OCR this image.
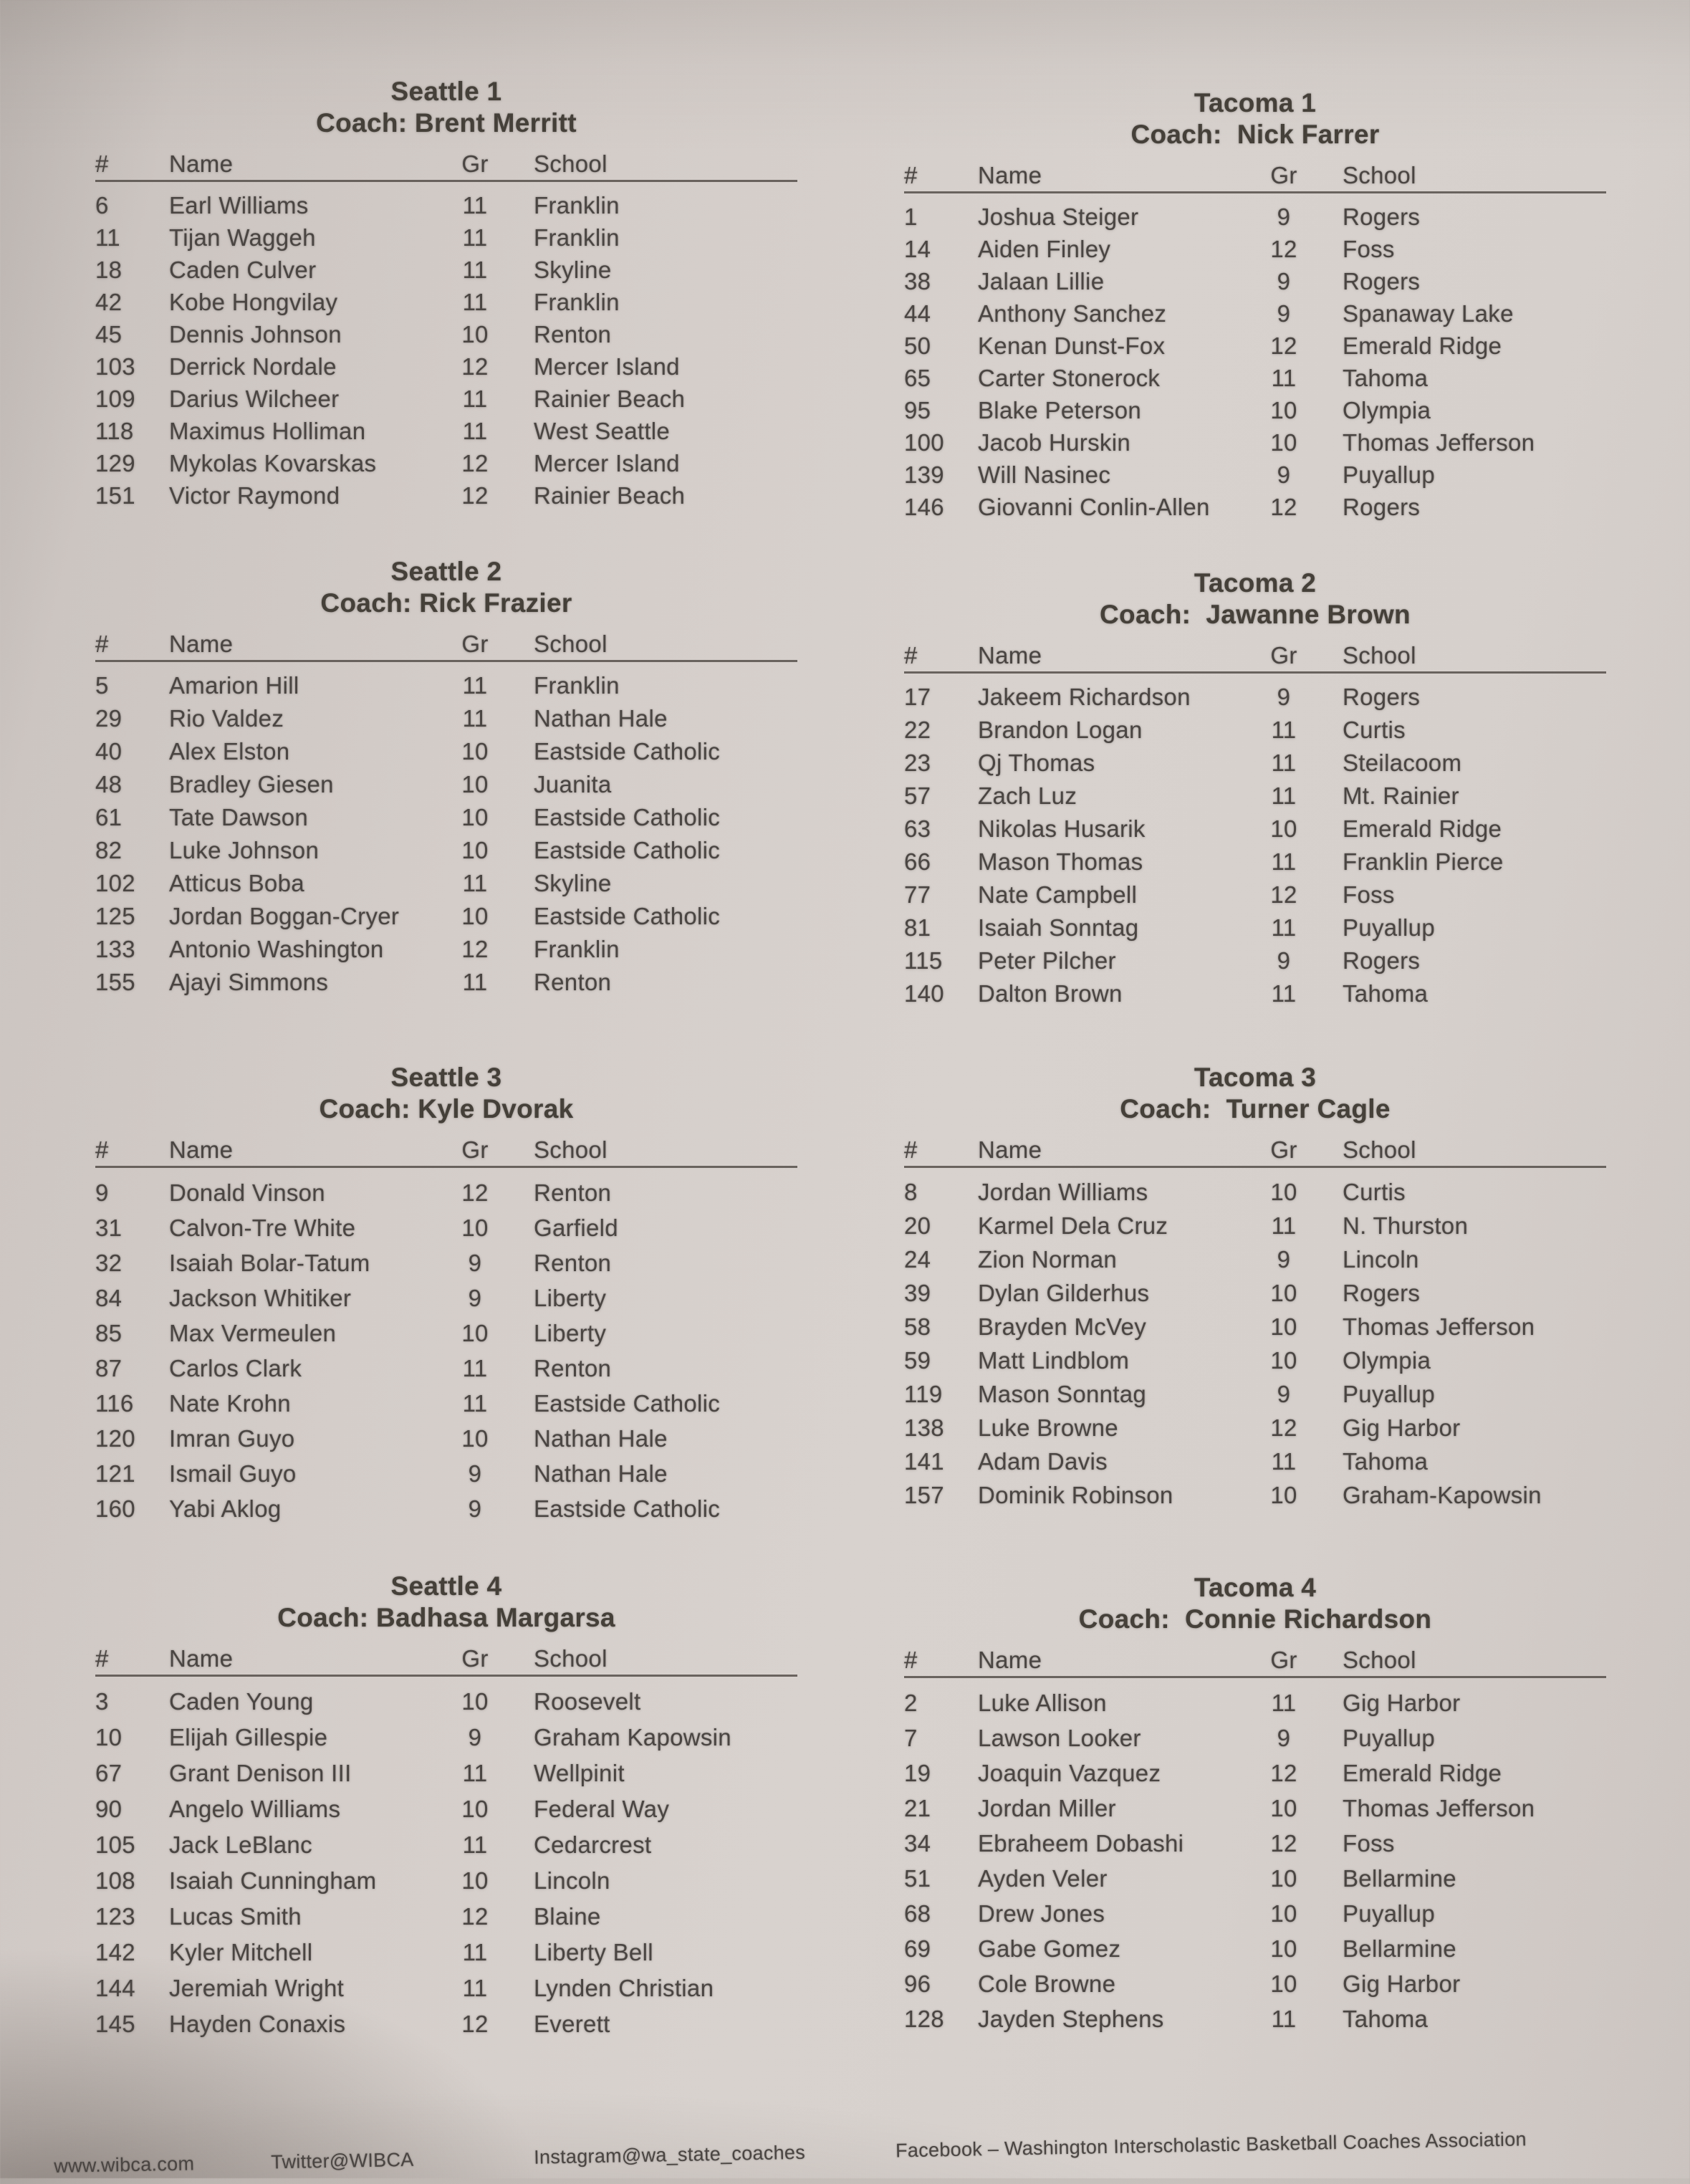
www.wibca.com	Twitter@WIBCA	Instagram@wa_state_coaches	Facebook – Washington Interscholastic Basketball Coaches Association
Seattle 1
Coach: Brent Merritt
#	Name	Gr	School
6	Earl Williams	11	Franklin
11	Tijan Waggeh	11	Franklin
18	Caden Culver	11	Skyline
42	Kobe Hongvilay	11	Franklin
45	Dennis Johnson	10	Renton
103	Derrick Nordale	12	Mercer Island
109	Darius Wilcheer	11	Rainier Beach
118	Maximus Holliman	11	West Seattle
129	Mykolas Kovarskas	12	Mercer Island
151	Victor Raymond	12	Rainier Beach
Tacoma 1
Coach:  Nick Farrer
#	Name	Gr	School
1	Joshua Steiger	9	Rogers
14	Aiden Finley	12	Foss
38	Jalaan Lillie	9	Rogers
44	Anthony Sanchez	9	Spanaway Lake
50	Kenan Dunst-Fox	12	Emerald Ridge
65	Carter Stonerock	11	Tahoma
95	Blake Peterson	10	Olympia
100	Jacob Hurskin	10	Thomas Jefferson
139	Will Nasinec	9	Puyallup
146	Giovanni Conlin-Allen	12	Rogers
Seattle 2
Coach: Rick Frazier
#	Name	Gr	School
5	Amarion Hill	11	Franklin
29	Rio Valdez	11	Nathan Hale
40	Alex Elston	10	Eastside Catholic
48	Bradley Giesen	10	Juanita
61	Tate Dawson	10	Eastside Catholic
82	Luke Johnson	10	Eastside Catholic
102	Atticus Boba	11	Skyline
125	Jordan Boggan-Cryer	10	Eastside Catholic
133	Antonio Washington	12	Franklin
155	Ajayi Simmons	11	Renton
Tacoma 2
Coach:  Jawanne Brown
#	Name	Gr	School
17	Jakeem Richardson	9	Rogers
22	Brandon Logan	11	Curtis
23	Qj Thomas	11	Steilacoom
57	Zach Luz	11	Mt. Rainier
63	Nikolas Husarik	10	Emerald Ridge
66	Mason Thomas	11	Franklin Pierce
77	Nate Campbell	12	Foss
81	Isaiah Sonntag	11	Puyallup
115	Peter Pilcher	9	Rogers
140	Dalton Brown	11	Tahoma
Seattle 3
Coach: Kyle Dvorak
#	Name	Gr	School
9	Donald Vinson	12	Renton
31	Calvon-Tre White	10	Garfield
32	Isaiah Bolar-Tatum	9	Renton
84	Jackson Whitiker	9	Liberty
85	Max Vermeulen	10	Liberty
87	Carlos Clark	11	Renton
116	Nate Krohn	11	Eastside Catholic
120	Imran Guyo	10	Nathan Hale
121	Ismail Guyo	9	Nathan Hale
160	Yabi Aklog	9	Eastside Catholic
Tacoma 3
Coach:  Turner Cagle
#	Name	Gr	School
8	Jordan Williams	10	Curtis
20	Karmel Dela Cruz	11	N. Thurston
24	Zion Norman	9	Lincoln
39	Dylan Gilderhus	10	Rogers
58	Brayden McVey	10	Thomas Jefferson
59	Matt Lindblom	10	Olympia
119	Mason Sonntag	9	Puyallup
138	Luke Browne	12	Gig Harbor
141	Adam Davis	11	Tahoma
157	Dominik Robinson	10	Graham-Kapowsin
Seattle 4
Coach: Badhasa Margarsa
#	Name	Gr	School
3	Caden Young	10	Roosevelt
10	Elijah Gillespie	9	Graham Kapowsin
67	Grant Denison III	11	Wellpinit
90	Angelo Williams	10	Federal Way
105	Jack LeBlanc	11	Cedarcrest
108	Isaiah Cunningham	10	Lincoln
123	Lucas Smith	12	Blaine
142	Kyler Mitchell	11	Liberty Bell
144	Jeremiah Wright	11	Lynden Christian
145	Hayden Conaxis	12	Everett
Tacoma 4
Coach:  Connie Richardson
#	Name	Gr	School
2	Luke Allison	11	Gig Harbor
7	Lawson Looker	9	Puyallup
19	Joaquin Vazquez	12	Emerald Ridge
21	Jordan Miller	10	Thomas Jefferson
34	Ebraheem Dobashi	12	Foss
51	Ayden Veler	10	Bellarmine
68	Drew Jones	10	Puyallup
69	Gabe Gomez	10	Bellarmine
96	Cole Browne	10	Gig Harbor
128	Jayden Stephens	11	Tahoma
